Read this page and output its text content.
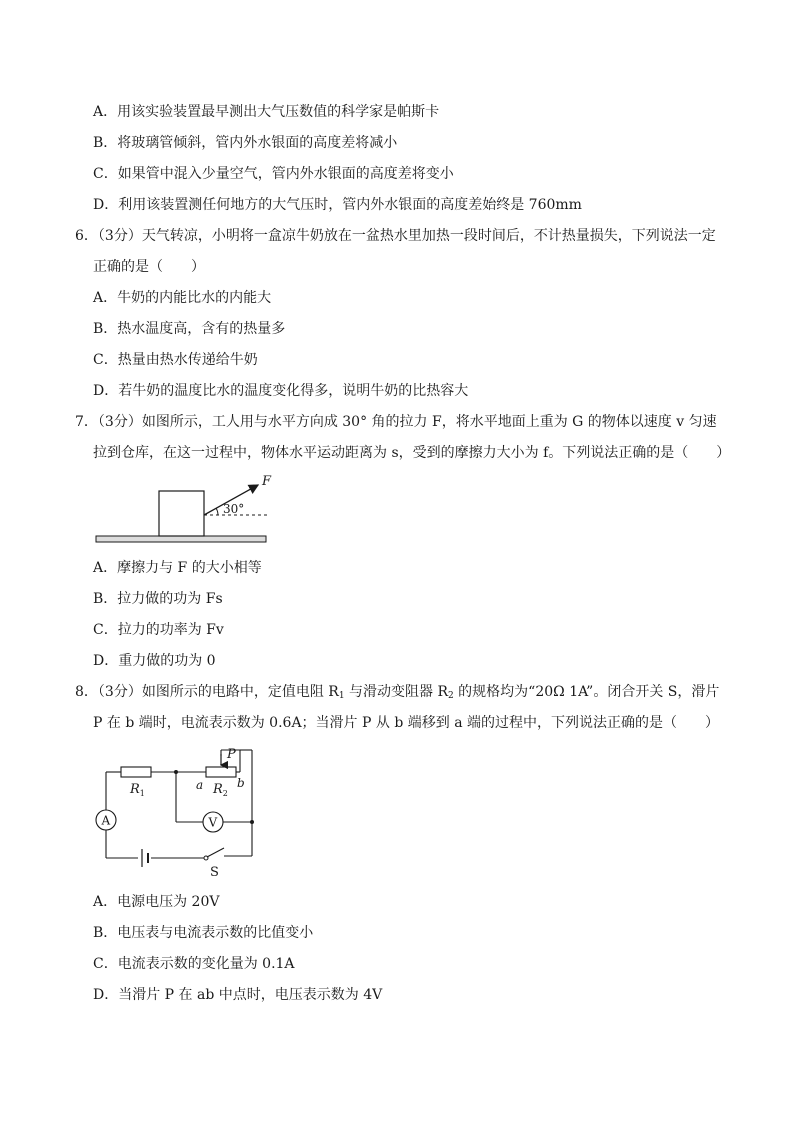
A．用该实验装置最早测出大气压数值的科学家是帕斯卡
B．将玻璃管倾斜，管内外水银面的高度差将减小
C．如果管中混入少量空气，管内外水银面的高度差将变小
D．利用该装置测任何地方的大气压时，管内外水银面的高度差始终是 760mm
6．（3分）天气转凉，小明将一盒凉牛奶放在一盆热水里加热一段时间后，不计热量损失，下列说法一定
正确的是（　　）
A．牛奶的内能比水的内能大
B．热水温度高，含有的热量多
C．热量由热水传递给牛奶
D．若牛奶的温度比水的温度变化得多，说明牛奶的比热容大
7．（3分）如图所示，工人用与水平方向成 30° 角的拉力 F，将水平地面上重为 G 的物体以速度 v 匀速
拉到仓库，在这一过程中，物体水平运动距离为 s，受到的摩擦力大小为 f。下列说法正确的是（　　）
30°
F
A．摩擦力与 F 的大小相等
B．拉力做的功为 Fs
C．拉力的功率为 Fv
D．重力做的功为 0
8．（3分）如图所示的电路中，定值电阻 $R_1$ 与滑动变阻器 $R_2$ 的规格均为“20Ω 1A”。闭合开关 S，滑片
P 在 b 端时，电流表示数为 0.6A；当滑片 P 从 b 端移到 a 端的过程中，下列说法正确的是（　　）
$R_1$
P
a $R_2$
b
A	V
S
A．电源电压为 20V
B．电压表与电流表示数的比值变小
C．电流表示数的变化量为 0.1A
D．当滑片 P 在 ab 中点时，电压表示数为 4V
